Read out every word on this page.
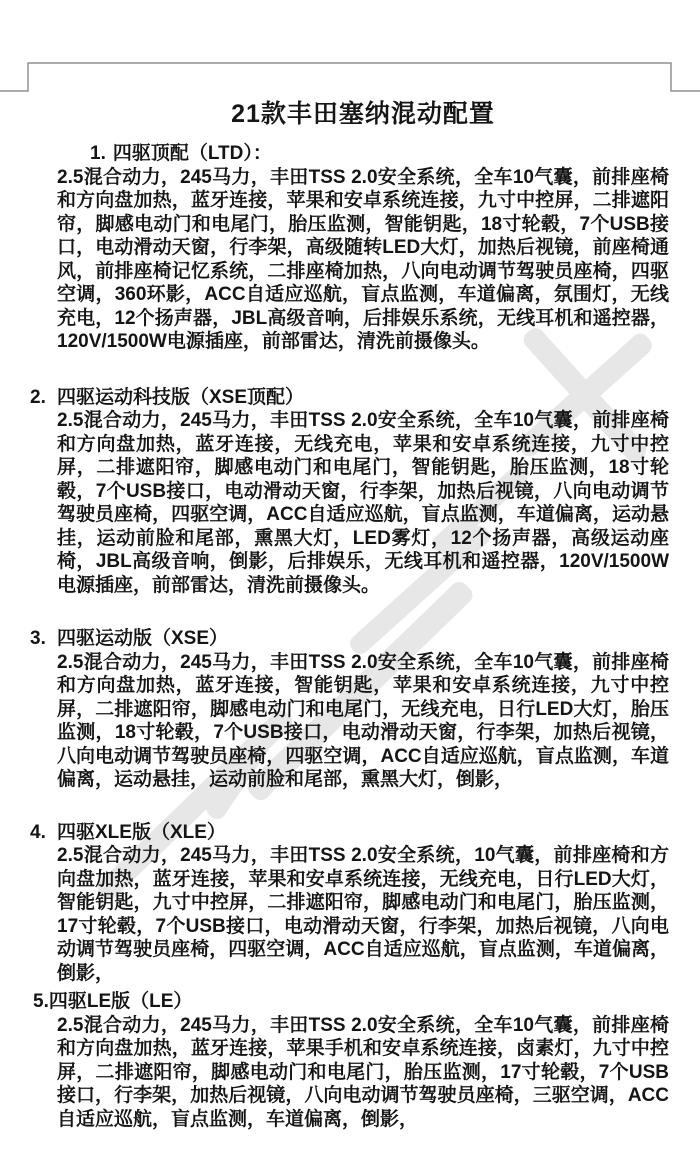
21款丰田塞纳混动配置
1. 四驱顶配（LTD）：

2.5混合动力，245马力，丰田TSS 2.0安全系统，全车10气囊，前排座椅和方向盘加热，蓝牙连接，苹果和安卓系统连接，九寸中控屏，二排遮阳帘，脚感电动门和电尾门，胎压监测，智能钥匙，18寸轮毂，7个USB接口，电动滑动天窗，行李架，高级随转LED大灯，加热后视镜，前座椅通风，前排座椅记忆系统，二排座椅加热，八向电动调节驾驶员座椅，四驱空调，360环影，ACC自适应巡航，盲点监测，车道偏离，氛围灯，无线充电，12个扬声器，JBL高级音响，后排娱乐系统，无线耳机和遥控器， 120V/1500W电源插座，前部雷达，清洗前摄像头。

2. 四驱运动科技版（XSE顶配）

2.5混合动力，245马力，丰田TSS 2.0安全系统，全车10气囊，前排座椅和方向盘加热，蓝牙连接，无线充电，苹果和安卓系统连接，九寸中控屏，二排遮阳帘，脚感电动门和电尾门，智能钥匙，胎压监测，18寸轮毂，7个USB接口，电动滑动天窗，行李架，加热后视镜，八向电动调节驾驶员座椅，四驱空调，ACC自适应巡航，盲点监测，车道偏离，运动悬挂，运动前脸和尾部，熏黑大灯，LED雾灯，12个扬声器，高级运动座椅，JBL高级音响，倒影，后排娱乐，无线耳机和遥控器，120V/1500W电源插座，前部雷达，清洗前摄像头。

3. 四驱运动版（XSE）

2.5混合动力，245马力，丰田TSS 2.0安全系统，全车10气囊，前排座椅和方向盘加热，蓝牙连接，智能钥匙，苹果和安卓系统连接，九寸中控屏，二排遮阳帘，脚感电动门和电尾门，无线充电，日行LED大灯，胎压监测，18寸轮毂，7个USB接口，电动滑动天窗，行李架，加热后视镜，八向电动调节驾驶员座椅，四驱空调，ACC自适应巡航，盲点监测，车道偏离，运动悬挂，运动前脸和尾部，熏黑大灯，倒影，

4. 四驱XLE版（XLE）

2.5混合动力，245马力，丰田TSS 2.0安全系统，10气囊，前排座椅和方向盘加热，蓝牙连接，苹果和安卓系统连接，无线充电，日行LED大灯，智能钥匙，九寸中控屏，二排遮阳帘，脚感电动门和电尾门，胎压监测，17寸轮毂，7个USB接口，电动滑动天窗，行李架，加热后视镜，八向电动调节驾驶员座椅，四驱空调，ACC自适应巡航，盲点监测，车道偏离，倒影，

5. 四驱LE版（LE）

2.5混合动力，245马力，丰田TSS 2.0安全系统，全车10气囊，前排座椅和方向盘加热，蓝牙连接，苹果手机和安卓系统连接，卤素灯，九寸中控屏，二排遮阳帘，脚感电动门和电尾门，胎压监测，17寸轮毂，7个USB接口，行李架，加热后视镜，八向电动调节驾驶员座椅，三驱空调，ACC自适应巡航，盲点监测，车道偏离，倒影，
